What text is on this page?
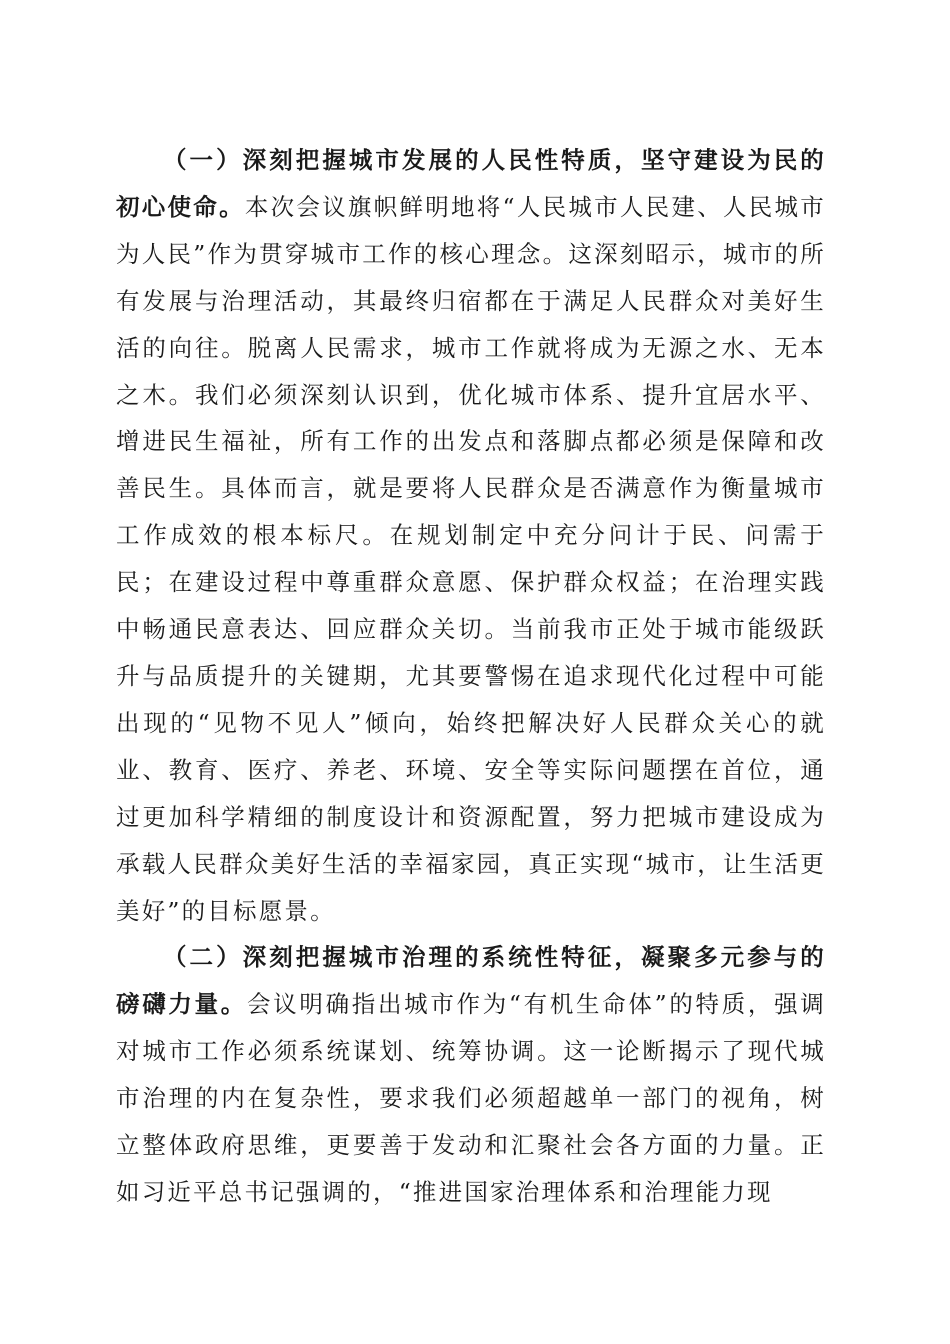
（一）深刻把握城市发展的人民性特质，坚守建设为民的初心使命。本次会议旗帜鲜明地将“人民城市人民建、人民城市为人民”作为贯穿城市工作的核心理念。这深刻昭示，城市的所有发展与治理活动，其最终归宿都在于满足人民群众对美好生活的向往。脱离人民需求，城市工作就将成为无源之水、无本之木。我们必须深刻认识到，优化城市体系、提升宜居水平、增进民生福祉，所有工作的出发点和落脚点都必须是保障和改善民生。具体而言，就是要将人民群众是否满意作为衡量城市工作成效的根本标尺。在规划制定中充分问计于民、问需于民；在建设过程中尊重群众意愿、保护群众权益；在治理实践中畅通民意表达、回应群众关切。当前我市正处于城市能级跃升与品质提升的关键期，尤其要警惕在追求现代化过程中可能出现的“见物不见人”倾向，始终把解决好人民群众关心的就业、教育、医疗、养老、环境、安全等实际问题摆在首位，通过更加科学精细的制度设计和资源配置，努力把城市建设成为承载人民群众美好生活的幸福家园，真正实现“城市，让生活更美好”的目标愿景。

（二）深刻把握城市治理的系统性特征，凝聚多元参与的磅礴力量。会议明确指出城市作为“有机生命体”的特质，强调对城市工作必须系统谋划、统筹协调。这一论断揭示了现代城市治理的内在复杂性，要求我们必须超越单一部门的视角，树立整体政府思维，更要善于发动和汇聚社会各方面的力量。正如习近平总书记强调的，“推进国家治理体系和治理能力现
